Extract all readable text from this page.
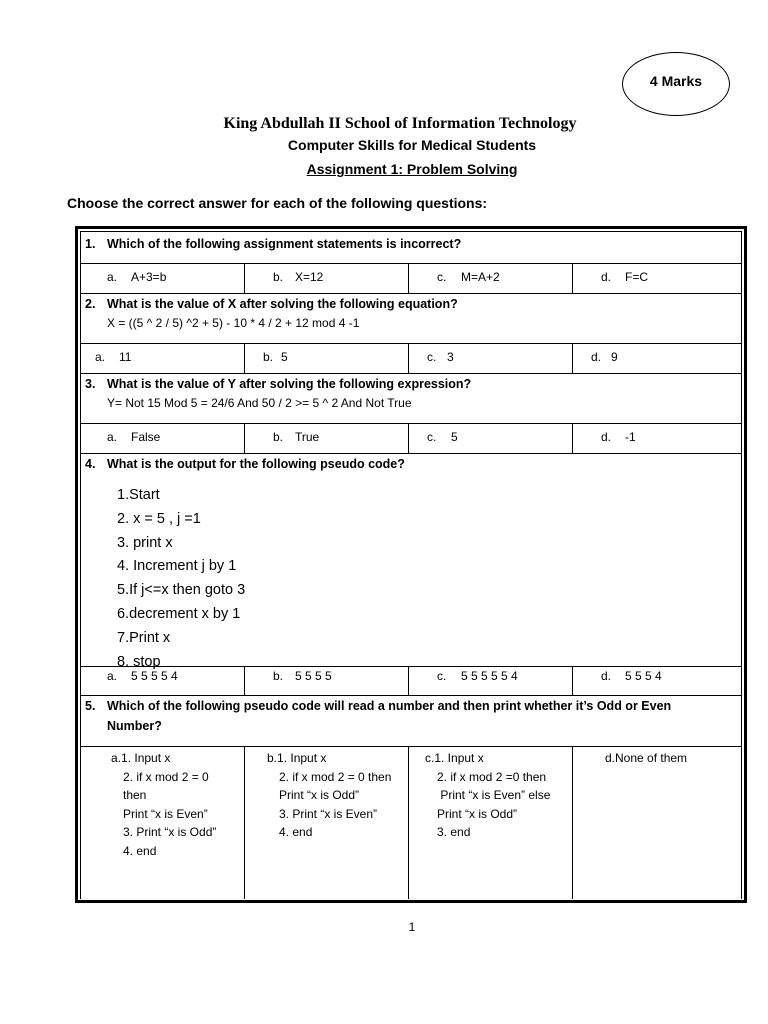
4 Marks
King Abdullah II School of Information Technology
Computer Skills for Medical Students
Assignment 1: Problem Solving
Choose the correct answer for each of the following questions:
1. Which of the following assignment statements is incorrect?
a. A+3=b	b. X=12	c. M=A+2	d. F=C
2. What is the value of X after solving the following equation?
X = ((5 ^ 2 / 5) ^2 + 5) - 10 * 4 / 2 + 12 mod 4 -1
a. 11	b. 5	c. 3	d. 9
3. What is the value of Y after solving the following expression?
Y= Not 15 Mod 5 = 24/6 And 50 / 2 >= 5 ^ 2 And Not True
a. False	b. True	c. 5	d. -1
4. What is the output for the following pseudo code?
1.Start
2. x = 5 , j =1
3. print x
4. Increment j by 1
5.If j<=x then goto 3
6.decrement x by 1
7.Print x
8. stop
a. 5 5 5 5 4	b. 5 5 5 5	c. 5 5 5 5 5 4	d. 5 5 5 4
5. Which of the following pseudo code will read a number and then print whether it’s Odd or Even
Number?
a.1. Input x
2. if x mod 2 = 0
then
Print “x is Even”
3. Print “x is Odd”
4. end
b.1. Input x
2. if x mod 2 = 0 then
Print “x is Odd”
3. Print “x is Even”
4. end
c.1. Input x
2. if x mod 2 =0 then
Print “x is Even” else
Print “x is Odd”
3. end
d.None of them
1
